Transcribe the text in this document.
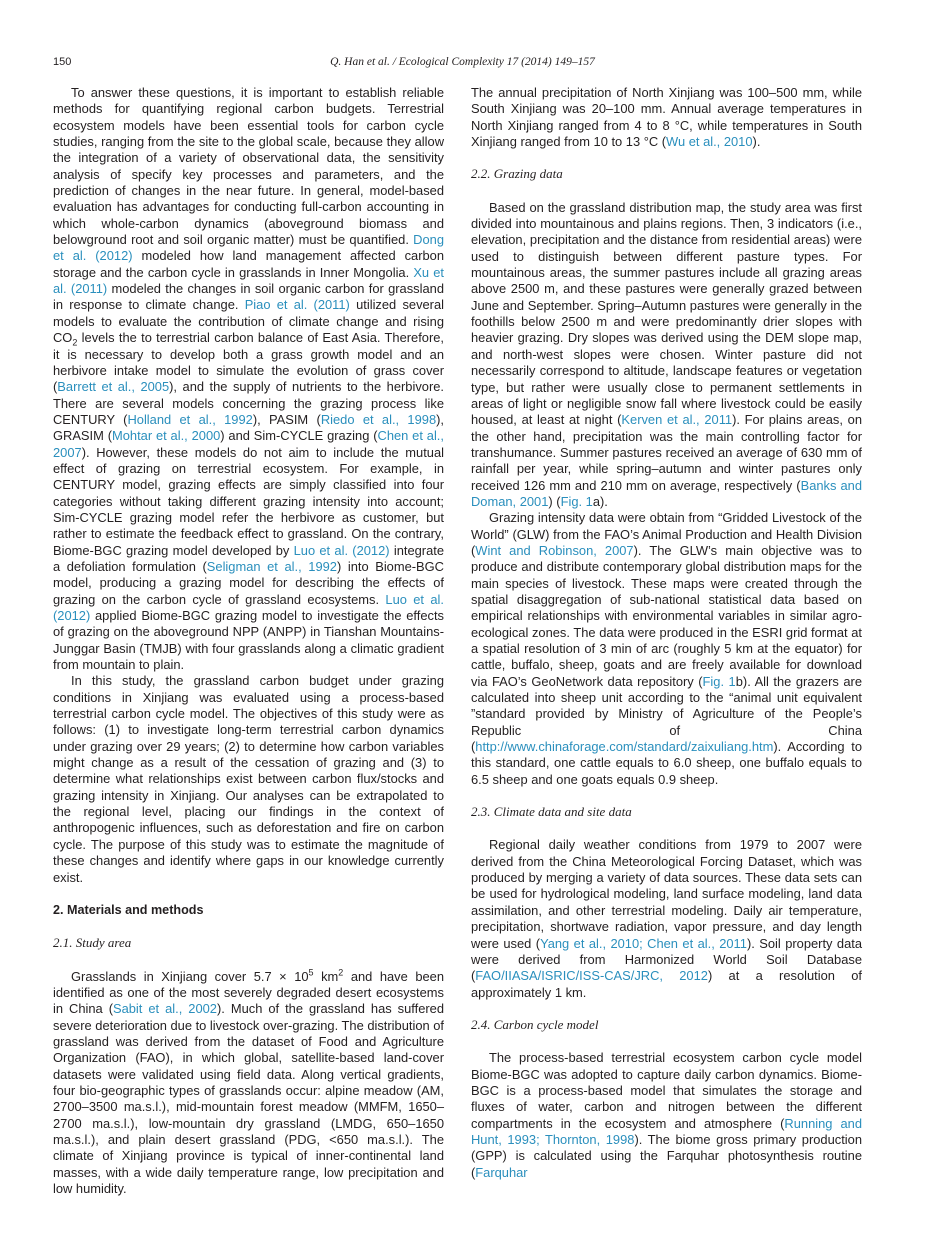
150	Q. Han et al. / Ecological Complexity 17 (2014) 149–157

To answer these questions, it is important to establish reliable methods for quantifying regional carbon budgets. Terrestrial ecosystem models have been essential tools for carbon cycle studies, ranging from the site to the global scale, because they allow the integration of a variety of observational data, the sensitivity analysis of specify key processes and parameters, and the prediction of changes in the near future. In general, model-based evaluation has advantages for conducting full-carbon accounting in which whole-carbon dynamics (aboveground biomass and belowground root and soil organic matter) must be quantified. Dong et al. (2012) modeled how land management affected carbon storage and the carbon cycle in grasslands in Inner Mongolia. Xu et al. (2011) modeled the changes in soil organic carbon for grassland in response to climate change. Piao et al. (2011) utilized several models to evaluate the contribution of climate change and rising $CO_2$ levels the to terrestrial carbon balance of East Asia. Therefore, it is necessary to develop both a grass growth model and an herbivore intake model to simulate the evolution of grass cover (Barrett et al., 2005), and the supply of nutrients to the herbivore. There are several models concerning the grazing process like CENTURY (Holland et al., 1992), PASIM (Riedo et al., 1998), GRASIM (Mohtar et al., 2000) and Sim-CYCLE grazing (Chen et al., 2007). However, these models do not aim to include the mutual effect of grazing on terrestrial ecosystem. For example, in CENTURY model, grazing effects are simply classified into four categories without taking different grazing intensity into account; Sim-CYCLE grazing model refer the herbivore as customer, but rather to estimate the feedback effect to grassland. On the contrary, Biome-BGC grazing model developed by Luo et al. (2012) integrate a defoliation formulation (Seligman et al., 1992) into Biome-BGC model, producing a grazing model for describing the effects of grazing on the carbon cycle of grassland ecosystems. Luo et al. (2012) applied Biome-BGC grazing model to investigate the effects of grazing on the aboveground NPP (ANPP) in Tianshan Mountains-Junggar Basin (TMJB) with four grasslands along a climatic gradient from mountain to plain.

In this study, the grassland carbon budget under grazing conditions in Xinjiang was evaluated using a process-based terrestrial carbon cycle model. The objectives of this study were as follows: (1) to investigate long-term terrestrial carbon dynamics under grazing over 29 years; (2) to determine how carbon variables might change as a result of the cessation of grazing and (3) to determine what relationships exist between carbon flux/stocks and grazing intensity in Xinjiang. Our analyses can be extrapolated to the regional level, placing our findings in the context of anthropogenic influences, such as deforestation and fire on carbon cycle. The purpose of this study was to estimate the magnitude of these changes and identify where gaps in our knowledge currently exist.

2. Materials and methods
2.1. Study area

Grasslands in Xinjiang cover $5.7 \times 10^5$ $km^2$ and have been identified as one of the most severely degraded desert ecosystems in China (Sabit et al., 2002). Much of the grassland has suffered severe deterioration due to livestock over-grazing. The distribution of grassland was derived from the dataset of Food and Agriculture Organization (FAO), in which global, satellite-based land-cover datasets were validated using field data. Along vertical gradients, four bio-geographic types of grasslands occur: alpine meadow (AM, 2700–3500 ma.s.l.), mid-mountain forest meadow (MMFM, 1650–2700 ma.s.l.), low-mountain dry grassland (LMDG, 650–1650 ma.s.l.), and plain desert grassland (PDG, <650 ma.s.l.). The climate of Xinjiang province is typical of inner-continental land masses, with a wide daily temperature range, low precipitation and low humidity.

The annual precipitation of North Xinjiang was 100–500 mm, while South Xinjiang was 20–100 mm. Annual average temperatures in North Xinjiang ranged from 4 to 8 °C, while temperatures in South Xinjiang ranged from 10 to 13 °C (Wu et al., 2010).

2.2. Grazing data

Based on the grassland distribution map, the study area was first divided into mountainous and plains regions. Then, 3 indicators (i.e., elevation, precipitation and the distance from residential areas) were used to distinguish between different pasture types. For mountainous areas, the summer pastures include all grazing areas above 2500 m, and these pastures were generally grazed between June and September. Spring–Autumn pastures were generally in the foothills below 2500 m and were predominantly drier slopes with heavier grazing. Dry slopes was derived using the DEM slope map, and north-west slopes were chosen. Winter pasture did not necessarily correspond to altitude, landscape features or vegetation type, but rather were usually close to permanent settlements in areas of light or negligible snow fall where livestock could be easily housed, at least at night (Kerven et al., 2011). For plains areas, on the other hand, precipitation was the main controlling factor for transhumance. Summer pastures received an average of 630 mm of rainfall per year, while spring–autumn and winter pastures only received 126 mm and 210 mm on average, respectively (Banks and Doman, 2001) (Fig. 1a).

Grazing intensity data were obtain from “Gridded Livestock of the World” (GLW) from the FAO’s Animal Production and Health Division (Wint and Robinson, 2007). The GLW’s main objective was to produce and distribute contemporary global distribution maps for the main species of livestock. These maps were created through the spatial disaggregation of sub-national statistical data based on empirical relationships with environmental variables in similar agro-ecological zones. The data were produced in the ESRI grid format at a spatial resolution of 3 min of arc (roughly 5 km at the equator) for cattle, buffalo, sheep, goats and are freely available for download via FAO’s GeoNetwork data repository (Fig. 1b). All the grazers are calculated into sheep unit according to the “animal unit equivalent ”standard provided by Ministry of Agriculture of the People’s Republic of China (http://www.chinaforage.com/standard/zaixuliang.htm). According to this standard, one cattle equals to 6.0 sheep, one buffalo equals to 6.5 sheep and one goats equals 0.9 sheep.

2.3. Climate data and site data

Regional daily weather conditions from 1979 to 2007 were derived from the China Meteorological Forcing Dataset, which was produced by merging a variety of data sources. These data sets can be used for hydrological modeling, land surface modeling, land data assimilation, and other terrestrial modeling. Daily air temperature, precipitation, shortwave radiation, vapor pressure, and day length were used (Yang et al., 2010; Chen et al., 2011). Soil property data were derived from Harmonized World Soil Database (FAO/IIASA/ISRIC/ISS-CAS/JRC, 2012) at a resolution of approximately 1 km.

2.4. Carbon cycle model

The process-based terrestrial ecosystem carbon cycle model Biome-BGC was adopted to capture daily carbon dynamics. Biome-BGC is a process-based model that simulates the storage and fluxes of water, carbon and nitrogen between the different compartments in the ecosystem and atmosphere (Running and Hunt, 1993; Thornton, 1998). The biome gross primary production (GPP) is calculated using the Farquhar photosynthesis routine (Farquhar
